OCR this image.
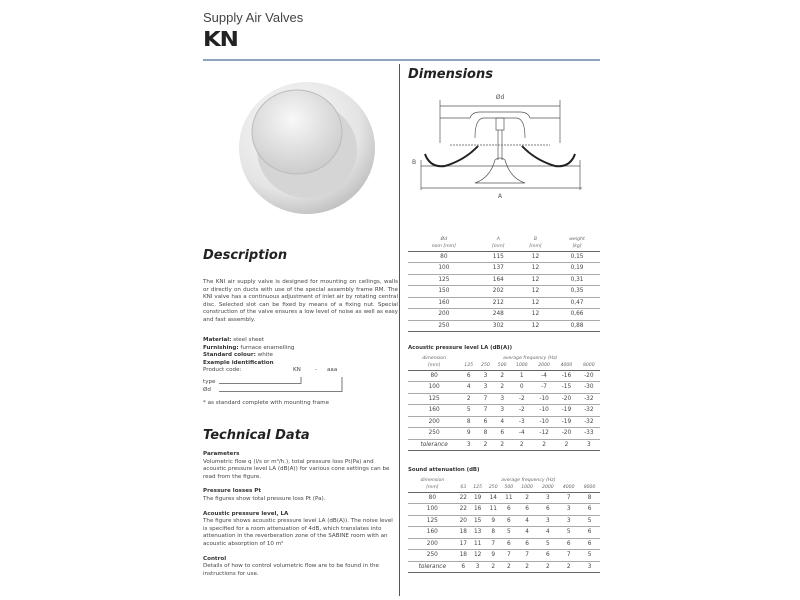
Supply Air Valves
KN
Description
The KNI air supply valve is designed for mounting on ceilings, walls or directly on ducts with use of the special assembly frame RM. The KNI valve has a continuous adjustment of inlet air by rotating central disc. Selected slot can be fixed by means of a fixing nut. Special construction of the valve ensures a low level of noise as well as easy and fast assembly.
Material: steel sheet
Furnishing: furnace enamelling
Standard colour: white
Example identification
Product code:	KN	- aaa
type
Ød
* as standard complete with mounting frame
Technical Data
Parameters
Volumetric flow q (l/s or m³/h.), total pressure loss Pt(Pa) and acoustic pressure level LA (dB(A)) for various cone settings can be read from the figure.
Pressure losses Pt
The figures show total pressure loss Pt (Pa).
Acoustic pressure level, LA
The figure shows acoustic pressure level LA (dB(A)). The noise level is specified for a room attenuation of 4dB, which translates into attenuation in the reverberation zone of the SABINE room with an acoustic absorption of 10 m²
Control
Details of how to control volumetric flow are to be found in the instructions for use.
Dimensions
Ød
A
B
Ød	A	B	weight
nom [mm]	[mm]	[mm]	[kg]
80	115	12	0,15
100	137	12	0,19
125	164	12	0,31
150	202	12	0,35
160	212	12	0,47
200	248	12	0,66
250	302	12	0,88
Acoustic pressure level LA (dB(A))
dimension	average frequency (Hz)						
[mm]	125	250	500	1000	2000	4000	8000
80	6	3	2	1	-4	-16	-20
100	4	3	2	0	-7	-15	-30
125	2	7	3	-2	-10	-20	-32
160	5	7	3	-2	-10	-19	-32
200	8	6	4	-3	-10	-19	-32
250	9	8	6	-4	-12	-20	-33
tolerance	3	2	2	2	2	2	3
Sound attenuation (dB)
dimension	average frequency (Hz)							
[mm]	63	125	250	500	1000	2000	4000	8000
80	22	19	14	11	2	3	7	8
100	22	16	11	6	6	6	3	6
125	20	15	9	6	4	3	3	5
160	18	13	8	5	4	4	5	6
200	17	11	7	6	6	5	6	6
250	18	12	9	7	7	6	7	5
tolerance	6	3	2	2	2	2	2	3
